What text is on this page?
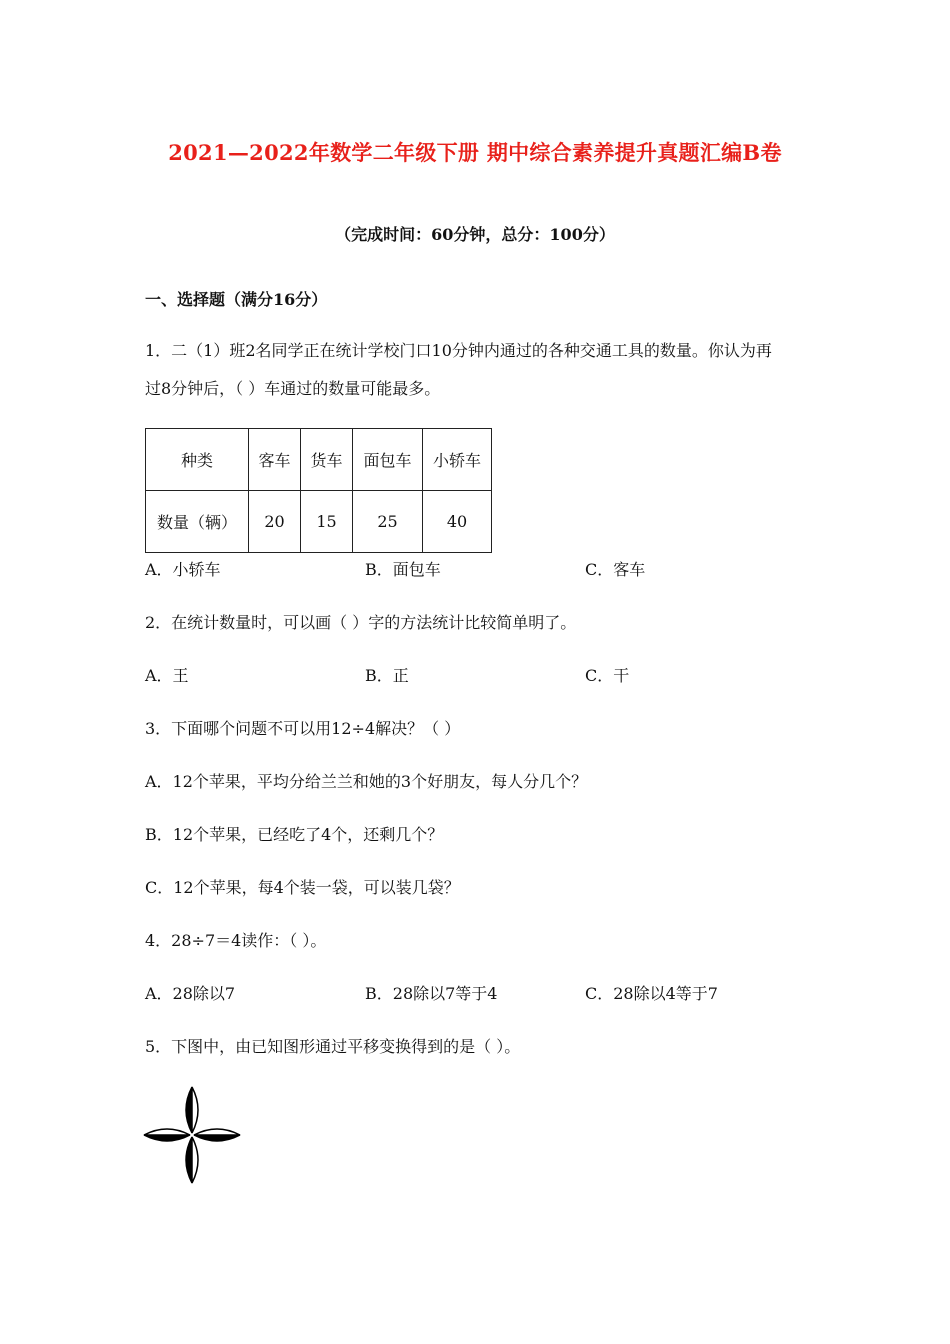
2021—2022年数学二年级下册 期中综合素养提升真题汇编B卷
（完成时间：60分钟，总分：100分）
一、选择题（满分16分）
1．二（1）班2名同学正在统计学校门口10分钟内通过的各种交通工具的数量。你认为再
过8分钟后，（ ）车通过的数量可能最多。
种类	客车	货车	面包车	小轿车
数量（辆）	20	15	25	40
A．小轿车	B．面包车	C．客车
2．在统计数量时，可以画（ ）字的方法统计比较简单明了。
A．王	B．正	C．干
3．下面哪个问题不可以用12÷4解决？（ ）
A．12个苹果，平均分给兰兰和她的3个好朋友，每人分几个？
B．12个苹果，已经吃了4个，还剩几个？
C．12个苹果，每4个装一袋，可以装几袋？
4．28÷7＝4读作：（ ）。
A．28除以7	B．28除以7等于4	C．28除以4等于7
5．下图中，由已知图形通过平移变换得到的是（ ）。
